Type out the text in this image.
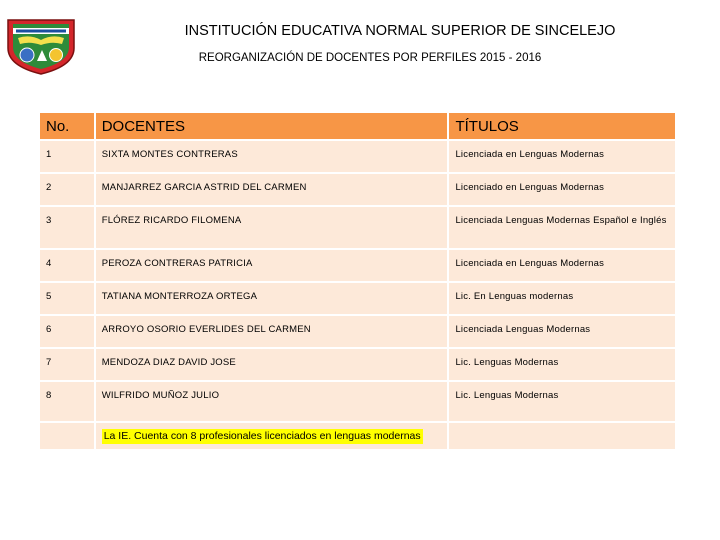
INSTITUCIÓN EDUCATIVA NORMAL SUPERIOR DE SINCELEJO
REORGANIZACIÓN DE DOCENTES POR PERFILES 2015 - 2016
No.	DOCENTES	TÍTULOS
1	SIXTA MONTES CONTRERAS	Licenciada en Lenguas Modernas
2	MANJARREZ GARCIA ASTRID DEL CARMEN	Licenciado en Lenguas Modernas
3	FLÓREZ RICARDO FILOMENA	Licenciada Lenguas Modernas Español e Inglés
4	PEROZA CONTRERAS PATRICIA	Licenciada en Lenguas Modernas
5	TATIANA MONTERROZA ORTEGA	Lic. En Lenguas modernas
6	ARROYO OSORIO EVERLIDES DEL CARMEN	Licenciada Lenguas Modernas
7	MENDOZA DIAZ DAVID JOSE	Lic. Lenguas Modernas
8	WILFRIDO MUÑOZ JULIO	Lic. Lenguas Modernas
	La IE. Cuenta con 8 profesionales licenciados en lenguas modernas	
